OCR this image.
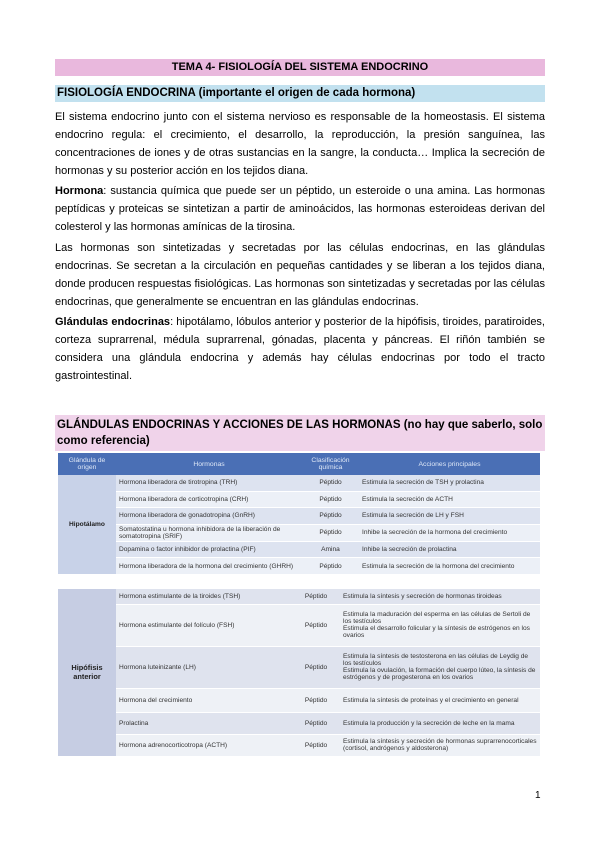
TEMA 4- FISIOLOGÍA DEL SISTEMA ENDOCRINO
FISIOLOGÍA ENDOCRINA (importante el origen de cada hormona)
El sistema endocrino junto con el sistema nervioso es responsable de la homeostasis. El sistema endocrino regula: el crecimiento, el desarrollo, la reproducción, la presión sanguínea, las concentraciones de iones y de otras sustancias en la sangre, la conducta… Implica la secreción de hormonas y su posterior acción en los tejidos diana.
Hormona: sustancia química que puede ser un péptido, un esteroide o una amina. Las hormonas peptídicas y proteicas se sintetizan a partir de aminoácidos, las hormonas esteroideas derivan del colesterol y las hormonas amínicas de la tirosina.
Las hormonas son sintetizadas y secretadas por las células endocrinas, en las glándulas endocrinas. Se secretan a la circulación en pequeñas cantidades y se liberan a los tejidos diana, donde producen respuestas fisiológicas. Las hormonas son sintetizadas y secretadas por las células endocrinas, que generalmente se encuentran en las glándulas endocrinas.
Glándulas endocrinas: hipotálamo, lóbulos anterior y posterior de la hipófisis, tiroides, paratiroides, corteza suprarrenal, médula suprarrenal, gónadas, placenta y páncreas. El riñón también se considera una glándula endocrina y además hay células endocrinas por todo el tracto gastrointestinal.
GLÁNDULAS ENDOCRINAS Y ACCIONES DE LAS HORMONAS (no hay que saberlo, solo como referencia)
Glándula de origen	Hormonas	Clasificación química	Acciones principales
Hipotálamo	Hormona liberadora de tirotropina (TRH)	Péptido	Estimula la secreción de TSH y prolactina
	Hormona liberadora de corticotropina (CRH)	Péptido	Estimula la secreción de ACTH
	Hormona liberadora de gonadotropina (GnRH)	Péptido	Estimula la secreción de LH y FSH
	Somatostatina u hormona inhibidora de la liberación de somatotropina (SRIF)	Péptido	Inhibe la secreción de la hormona del crecimiento
	Dopamina o factor inhibidor de prolactina (PIF)	Amina	Inhibe la secreción de prolactina
	Hormona liberadora de la hormona del crecimiento (GHRH)	Péptido	Estimula la secreción de la hormona del crecimiento
Hipófisis anterior	Hormona estimulante de la tiroides (TSH)	Péptido	Estimula la síntesis y secreción de hormonas tiroideas
	Hormona estimulante del folículo (FSH)	Péptido	Estimula la maduración del esperma en las células de Sertoli de los testículos
Estimula el desarrollo folicular y la síntesis de estrógenos en los ovarios
	Hormona luteinizante (LH)	Péptido	Estimula la síntesis de testosterona en las células de Leydig de los testículos
Estimula la ovulación, la formación del cuerpo lúteo, la síntesis de estrógenos y de progesterona en los ovarios
	Hormona del crecimiento	Péptido	Estimula la síntesis de proteínas y el crecimiento en general
	Prolactina	Péptido	Estimula la producción y la secreción de leche en la mama
	Hormona adrenocorticotropa (ACTH)	Péptido	Estimula la síntesis y secreción de hormonas suprarrenocorticales (cortisol, andrógenos y aldosterona)
1
